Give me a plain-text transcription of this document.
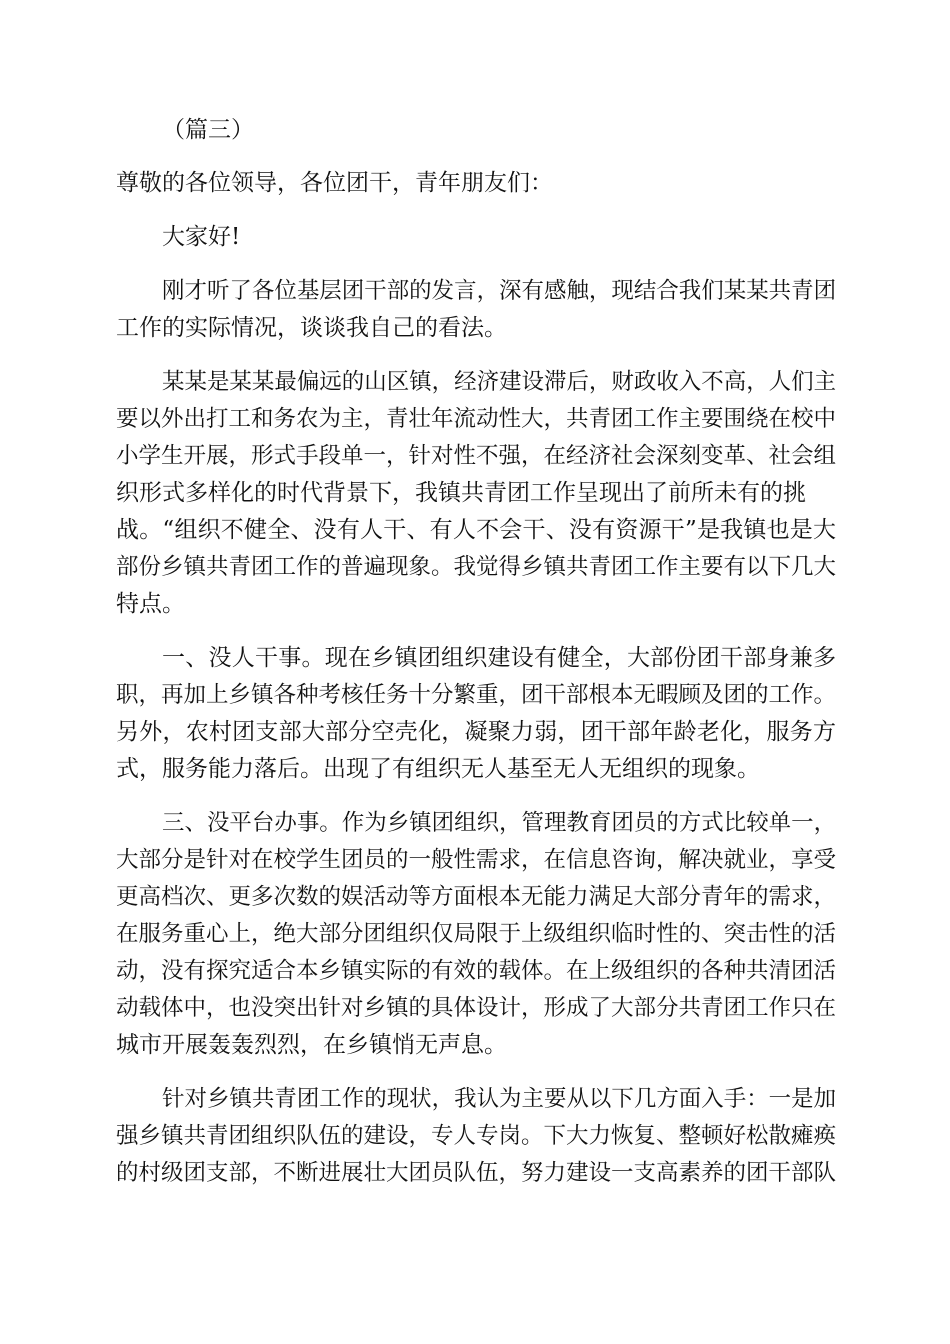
（篇三）
尊敬的各位领导，各位团干，青年朋友们：
大家好!
刚才听了各位基层团干部的发言，深有感触，现结合我们某某共青团
工作的实际情况，谈谈我自己的看法。
某某是某某最偏远的山区镇，经济建设滞后，财政收入不高，人们主
要以外出打工和务农为主，青壮年流动性大，共青团工作主要围绕在校中
小学生开展，形式手段单一，针对性不强，在经济社会深刻变革、社会组
织形式多样化的时代背景下，我镇共青团工作呈现出了前所未有的挑
战。“组织不健全、没有人干、有人不会干、没有资源干”是我镇也是大
部份乡镇共青团工作的普遍现象。我觉得乡镇共青团工作主要有以下几大
特点。
一、没人干事。现在乡镇团组织建设有健全，大部份团干部身兼多
职，再加上乡镇各种考核任务十分繁重，团干部根本无暇顾及团的工作。
另外，农村团支部大部分空壳化，凝聚力弱，团干部年龄老化，服务方
式，服务能力落后。出现了有组织无人基至无人无组织的现象。
三、没平台办事。作为乡镇团组织，管理教育团员的方式比较单一，
大部分是针对在校学生团员的一般性需求，在信息咨询，解决就业，享受
更高档次、更多次数的娱活动等方面根本无能力满足大部分青年的需求，
在服务重心上，绝大部分团组织仅局限于上级组织临时性的、突击性的活
动，没有探究适合本乡镇实际的有效的载体。在上级组织的各种共清团活
动载体中，也没突出针对乡镇的具体设计，形成了大部分共青团工作只在
城市开展轰轰烈烈，在乡镇悄无声息。
针对乡镇共青团工作的现状，我认为主要从以下几方面入手：一是加
强乡镇共青团组织队伍的建设，专人专岗。下大力恢复、整顿好松散瘫痪
的村级团支部，不断进展壮大团员队伍，努力建设一支高素养的团干部队
